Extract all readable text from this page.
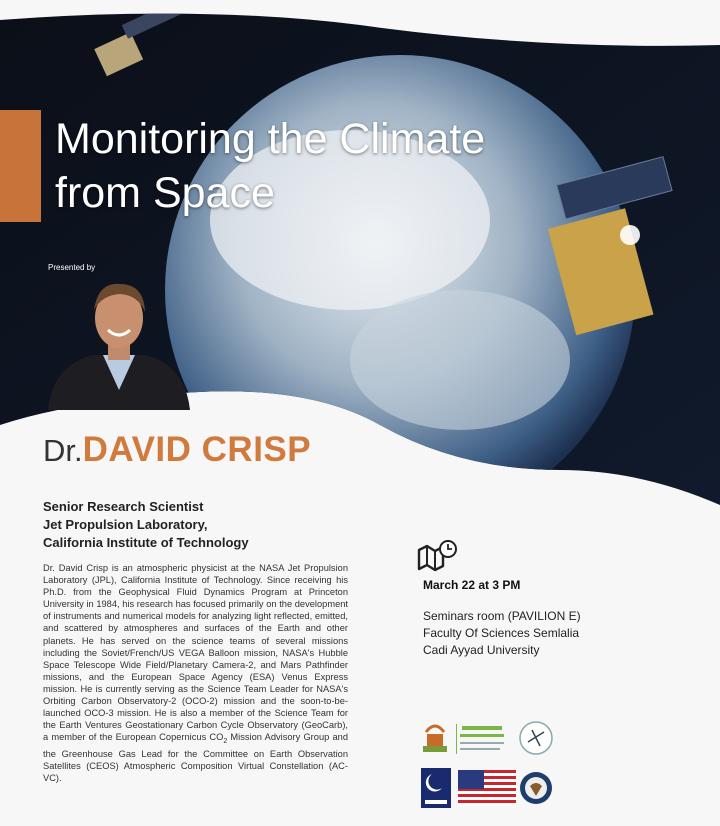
Monitoring the Climate
from Space
Presented by
Dr.DAVID CRISP
Senior Research Scientist
Jet Propulsion Laboratory,
California Institute of Technology
Dr. David Crisp is an atmospheric physicist at the NASA Jet Propulsion Laboratory (JPL), California Institute of Technology. Since receiving his Ph.D. from the Geophysical Fluid Dynamics Program at Princeton University in 1984, his research has focused primarily on the development of instruments and numerical models for analyzing light reflected, emitted, and scattered by atmospheres and surfaces of the Earth and other planets. He has served on the science teams of several missions including the Soviet/French/US VEGA Balloon mission, NASA's Hubble Space Telescope Wide Field/Planetary Camera-2, and Mars Pathfinder missions, and the European Space Agency (ESA) Venus Express mission. He is currently serving as the Science Team Leader for NASA's Orbiting Carbon Observatory-2 (OCO-2) mission and the soon-to-be-launched OCO-3 mission. He is also a member of the Science Team for the Earth Ventures Geostationary Carbon Cycle Observatory (GeoCarb), a member of the European Copernicus $CO_2$ Mission Advisory Group and the Greenhouse Gas Lead for the Committee on Earth Observation Satellites (CEOS) Atmospheric Composition Virtual Constellation (AC-VC).
March 22 at 3 PM
Seminars room (PAVILION E)
Faculty Of Sciences Semlalia
Cadi Ayyad University
